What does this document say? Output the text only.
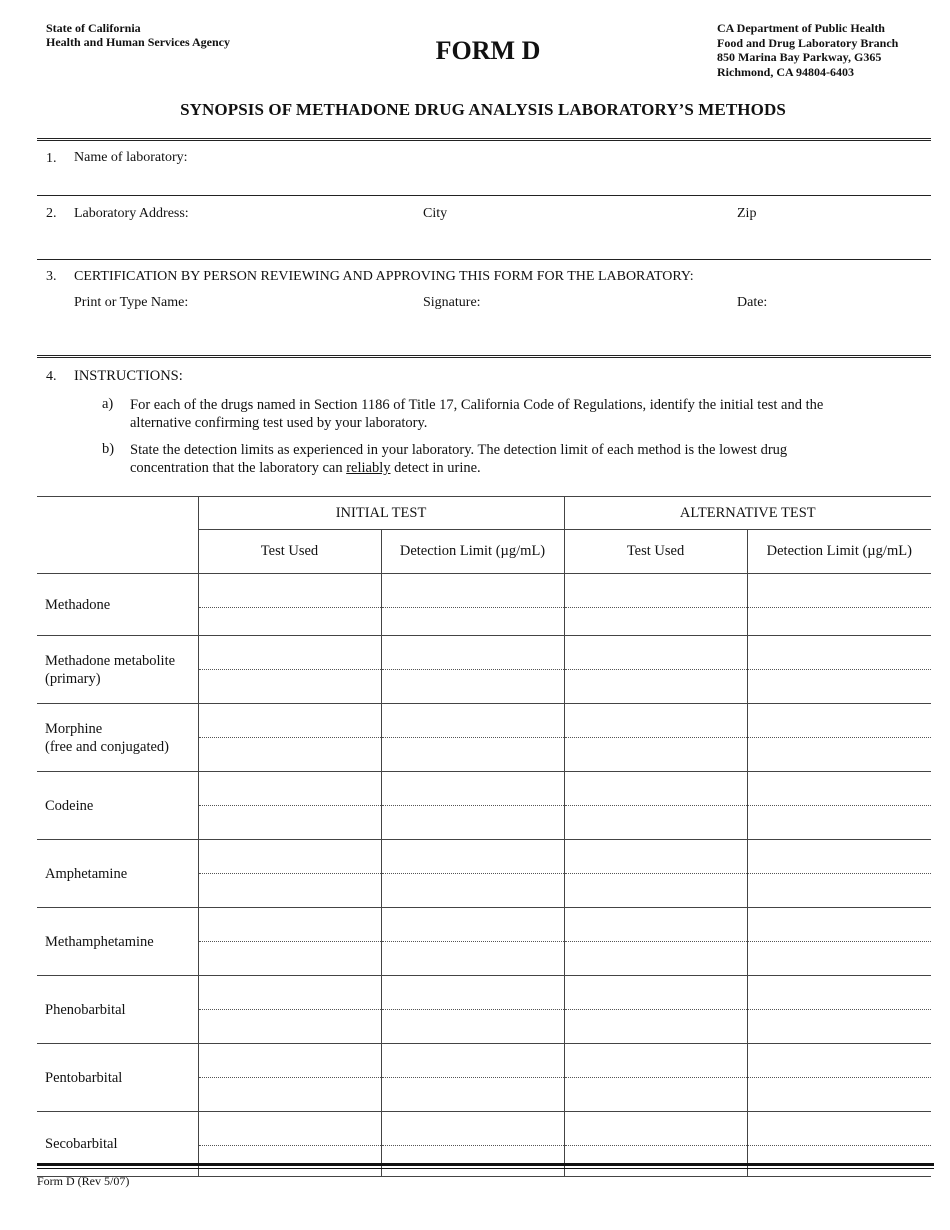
State of California
Health and Human Services Agency	FORM D
CA Department of Public Health
Food and Drug Laboratory Branch
850 Marina Bay Parkway, G365
Richmond, CA 94804-6403
SYNOPSIS OF METHADONE DRUG ANALYSIS LABORATORY’S METHODS
1. Name of laboratory:
2. Laboratory Address:	City	Zip
3. CERTIFICATION BY PERSON REVIEWING AND APPROVING THIS FORM FOR THE LABORATORY:
Print or Type Name:	Signature:	Date:
4. INSTRUCTIONS:
a) For each of the drugs named in Section 1186 of Title 17, California Code of Regulations, identify the initial test and the
alternative confirming test used by your laboratory.
b) State the detection limits as experienced in your laboratory. The detection limit of each method is the lowest drug
concentration that the laboratory can reliably detect in urine.
	INITIAL TEST		ALTERNATIVE TEST	
	Test Used	Detection Limit (µg/mL)	Test Used	Detection Limit (µg/mL)

Methadone				

Methadone metabolite
(primary)				

Morphine
(free and conjugated)				

Codeine				

Amphetamine				

Methamphetamine				

Phenobarbital				

Pentobarbital				

Secobarbital				

Form D (Rev 5/07)
